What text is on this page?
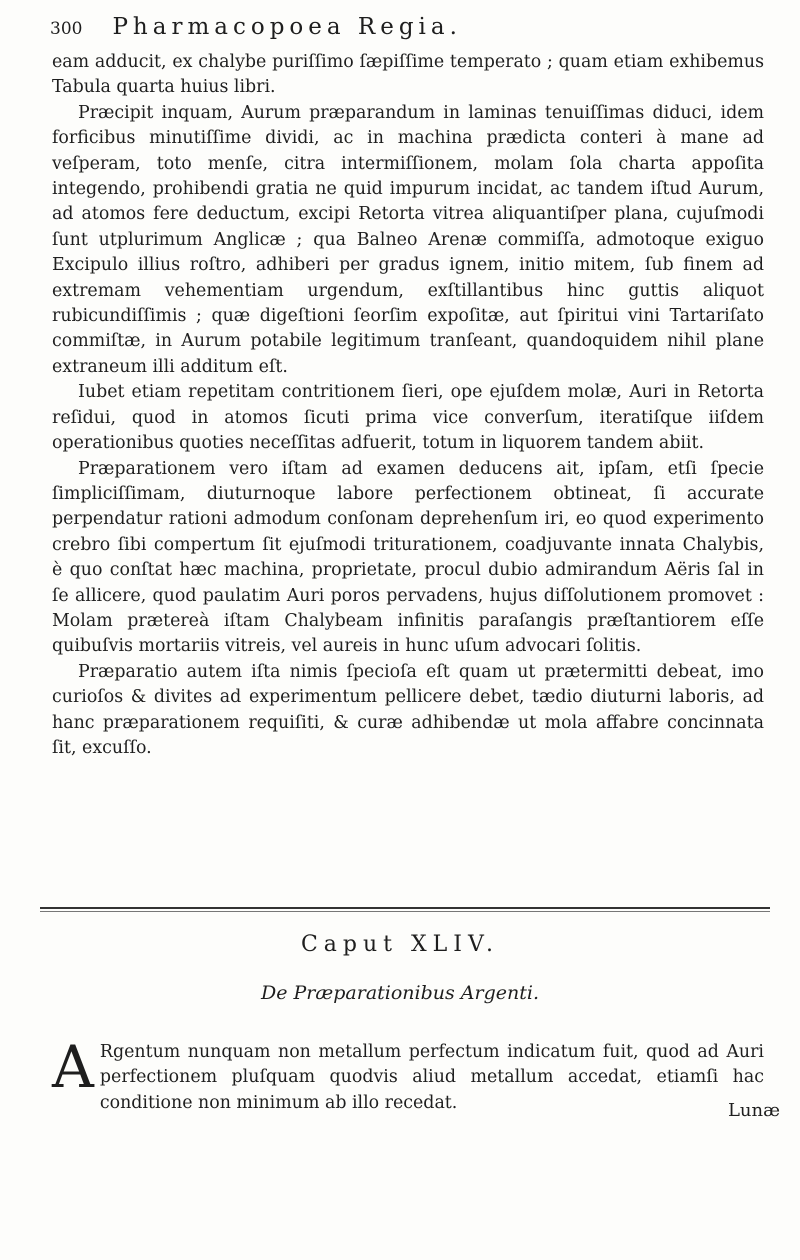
300 Pharmacopoea Regia.

eam adducit, ex chalybe puriſſimo ſæpiſſime temperato ; quam etiam exhibemus Tabula quarta huius libri.

Præcipit inquam, Aurum præparandum in laminas tenuiſſimas diduci, idem forficibus minutiſſime dividi, ac in machina prædicta conteri à mane ad veſperam, toto menſe, citra intermiſſionem, molam ſola charta appoſita integendo, prohibendi gratia ne quid impurum incidat, ac tandem iſtud Aurum, ad atomos fere deductum, excipi Retorta vitrea aliquantiſper plana, cujuſmodi ſunt utplurimum Anglicæ ; qua Balneo Arenæ commiſſa, admotoque exiguo Excipulo illius roſtro, adhiberi per gradus ignem, initio mitem, ſub finem ad extremam vehementiam urgendum, exſtillantibus hinc guttis aliquot rubicundiſſimis ; quæ digeſtioni ſeorſim expoſitæ, aut ſpiritui vini Tartariſato commiſtæ, in Aurum potabile legitimum tranſeant, quandoquidem nihil plane extraneum illi additum eſt.

Iubet etiam repetitam contritionem ſieri, ope ejuſdem molæ, Auri in Retorta reſidui, quod in atomos ſicuti prima vice converſum, iteratiſque iiſdem operationibus quoties neceſſitas adfuerit, totum in liquorem tandem abiit.

Præparationem vero iſtam ad examen deducens ait, ipſam, etſi ſpecie ſimpliciſſimam, diuturnoque labore perfectionem obtineat, ſi accurate perpendatur rationi admodum conſonam deprehenſum iri, eo quod experimento crebro ſibi compertum ſit ejuſmodi triturationem, coadjuvante innata Chalybis, è quo conſtat hæc machina, proprietate, procul dubio admirandum Aëris ſal in ſe allicere, quod paulatim Auri poros pervadens, hujus diſſolutionem promovet : Molam prætereà iſtam Chalybeam infinitis paraſangis præſtantiorem eſſe quibuſvis mortariis vitreis, vel aureis in hunc uſum advocari ſolitis.

Præparatio autem iſta nimis ſpecioſa eſt quam ut prætermitti debeat, imo curioſos & divites ad experimentum pellicere debet, tædio diuturni laboris, ad hanc præparationem requiſiti, & curæ adhibendæ ut mola affabre concinnata ſit, excuſſo.

Caput XLIV.
De Præparationibus Argenti.

A Rgentum nunquam non metallum perfectum indicatum fuit, quod ad Auri perfectionem pluſquam quodvis aliud metallum accedat, etiamſi hac conditione non minimum ab illo recedat.	Lunæ
